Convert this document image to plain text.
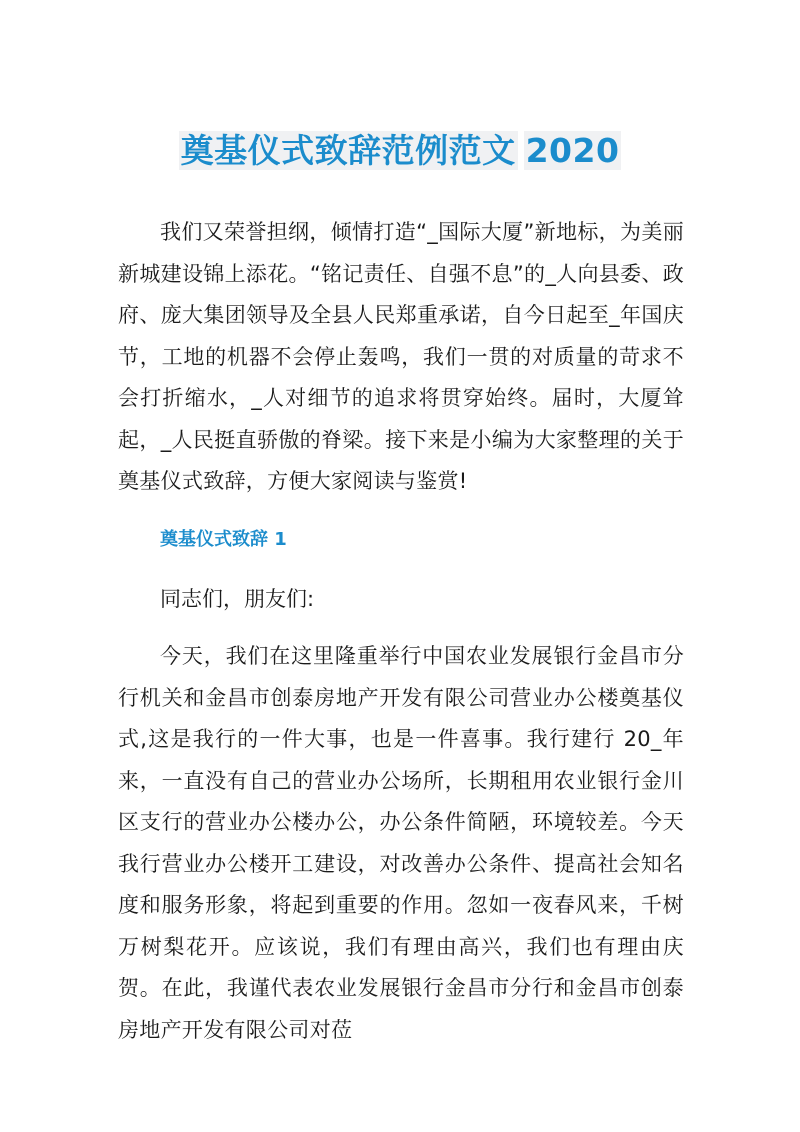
奠基仪式致辞范例范文 2020

我们又荣誉担纲，倾情打造“_国际大厦”新地标，为美丽新城建设锦上添花。“铭记责任、自强不息”的_人向县委、政府、庞大集团领导及全县人民郑重承诺，自今日起至_年国庆节，工地的机器不会停止轰鸣，我们一贯的对质量的苛求不会打折缩水，_人对细节的追求将贯穿始终。届时，大厦耸起，_人民挺直骄傲的脊梁。接下来是小编为大家整理的关于奠基仪式致辞，方便大家阅读与鉴赏!

奠基仪式致辞 1

同志们，朋友们:

今天，我们在这里隆重举行中国农业发展银行金昌市分行机关和金昌市创泰房地产开发有限公司营业办公楼奠基仪式,这是我行的一件大事，也是一件喜事。我行建行 20_年来，一直没有自己的营业办公场所，长期租用农业银行金川区支行的营业办公楼办公，办公条件简陋，环境较差。今天我行营业办公楼开工建设，对改善办公条件、提高社会知名度和服务形象，将起到重要的作用。忽如一夜春风来，千树万树梨花开。应该说，我们有理由高兴，我们也有理由庆贺。在此，我谨代表农业发展银行金昌市分行和金昌市创泰房地产开发有限公司对莅
